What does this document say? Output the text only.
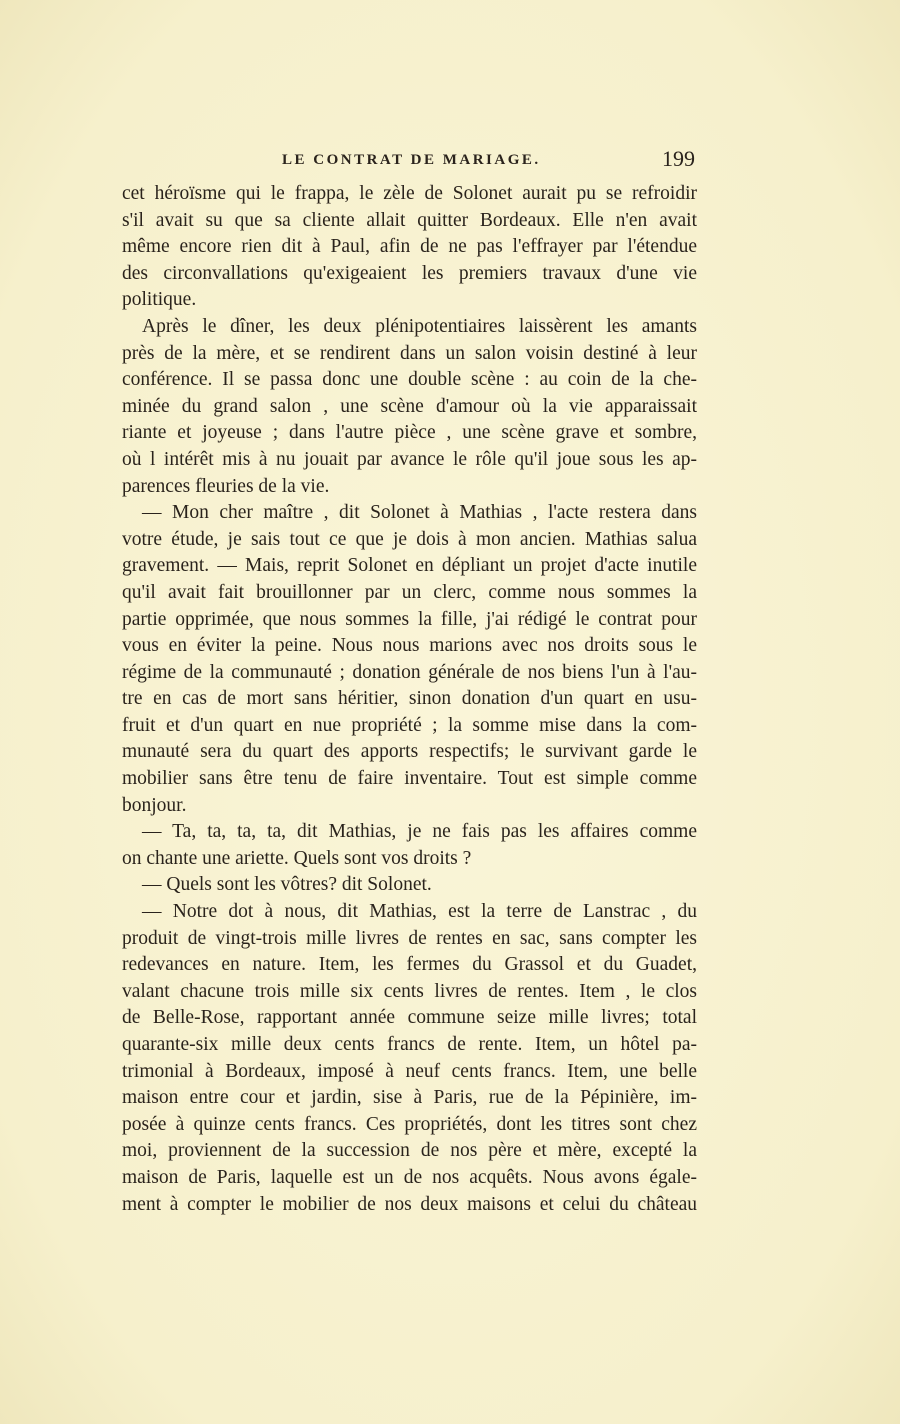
LE CONTRAT DE MARIAGE.	199
cet héroïsme qui le frappa, le zèle de Solonet aurait pu se refroidir
s'il avait su que sa cliente allait quitter Bordeaux. Elle n'en avait
même encore rien dit à Paul, afin de ne pas l'effrayer par l'étendue
des circonvallations qu'exigeaient les premiers travaux d'une vie
politique.
Après le dîner, les deux plénipotentiaires laissèrent les amants
près de la mère, et se rendirent dans un salon voisin destiné à leur
conférence. Il se passa donc une double scène : au coin de la che-
minée du grand salon , une scène d'amour où la vie apparaissait
riante et joyeuse ; dans l'autre pièce , une scène grave et sombre,
où l intérêt mis à nu jouait par avance le rôle qu'il joue sous les ap-
parences fleuries de la vie.
— Mon cher maître , dit Solonet à Mathias , l'acte restera dans
votre étude, je sais tout ce que je dois à mon ancien. Mathias salua
gravement. — Mais, reprit Solonet en dépliant un projet d'acte inutile
qu'il avait fait brouillonner par un clerc, comme nous sommes la
partie opprimée, que nous sommes la fille, j'ai rédigé le contrat pour
vous en éviter la peine. Nous nous marions avec nos droits sous le
régime de la communauté ; donation générale de nos biens l'un à l'au-
tre en cas de mort sans héritier, sinon donation d'un quart en usu-
fruit et d'un quart en nue propriété ; la somme mise dans la com-
munauté sera du quart des apports respectifs; le survivant garde le
mobilier sans être tenu de faire inventaire. Tout est simple comme
bonjour.
— Ta, ta, ta, ta, dit Mathias, je ne fais pas les affaires comme
on chante une ariette. Quels sont vos droits ?
— Quels sont les vôtres? dit Solonet.
— Notre dot à nous, dit Mathias, est la terre de Lanstrac , du
produit de vingt-trois mille livres de rentes en sac, sans compter les
redevances en nature. Item, les fermes du Grassol et du Guadet,
valant chacune trois mille six cents livres de rentes. Item , le clos
de Belle-Rose, rapportant année commune seize mille livres; total
quarante-six mille deux cents francs de rente. Item, un hôtel pa-
trimonial à Bordeaux, imposé à neuf cents francs. Item, une belle
maison entre cour et jardin, sise à Paris, rue de la Pépinière, im-
posée à quinze cents francs. Ces propriétés, dont les titres sont chez
moi, proviennent de la succession de nos père et mère, excepté la
maison de Paris, laquelle est un de nos acquêts. Nous avons égale-
ment à compter le mobilier de nos deux maisons et celui du château
